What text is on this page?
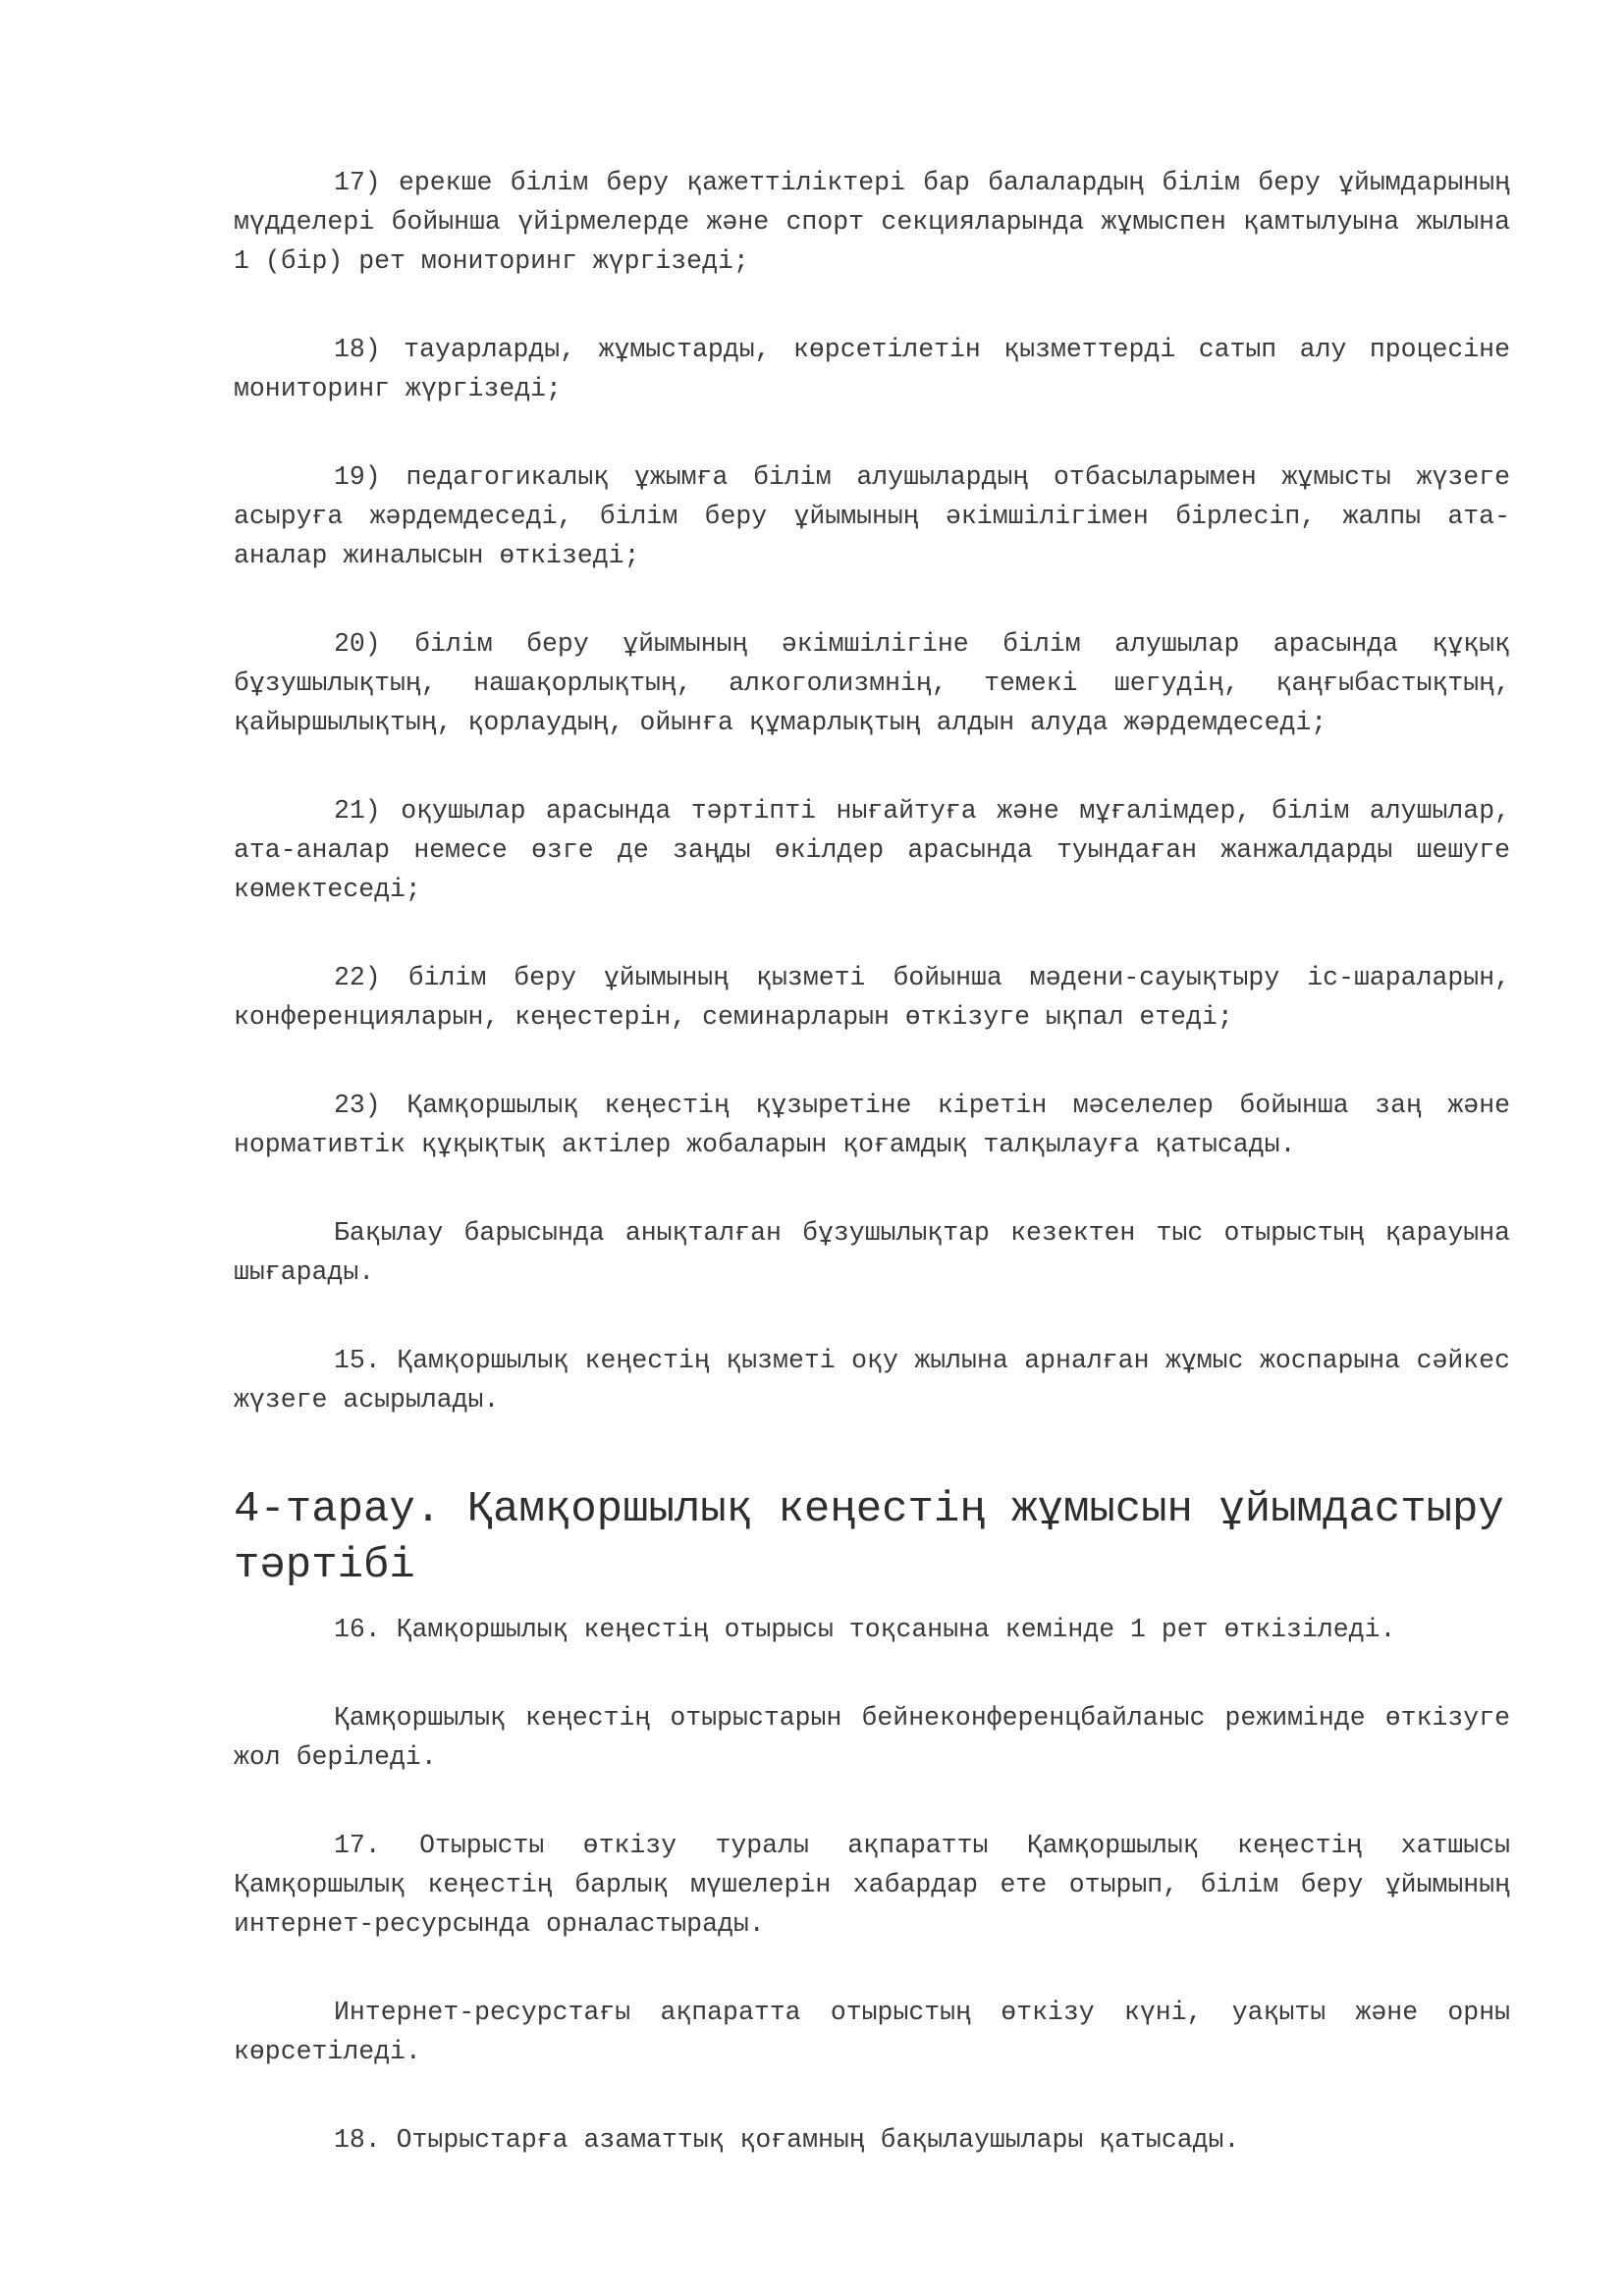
17) ерекше білім беру қажеттіліктері бар балалардың білім беру ұйымдарының мүдделері бойынша үйірмелерде және спорт секцияларында жұмыспен қамтылуына жылына 1 (бір) рет мониторинг жүргізеді;

18) тауарларды, жұмыстарды, көрсетілетін қызметтерді сатып алу процесіне мониторинг жүргізеді;

19) педагогикалық ұжымға білім алушылардың отбасыларымен жұмысты жүзеге асыруға жәрдемдеседі, білім беру ұйымының әкімшілігімен бірлесіп, жалпы ата-аналар жиналысын өткізеді;

20) білім беру ұйымының әкімшілігіне білім алушылар арасында құқық бұзушылықтың, нашақорлықтың, алкоголизмнің, темекі шегудің, қаңғыбастықтың, қайыршылықтың, қорлаудың, ойынға құмарлықтың алдын алуда жәрдемдеседі;

21) оқушылар арасында тәртіпті нығайтуға және мұғалімдер, білім алушылар, ата-аналар немесе өзге де заңды өкілдер арасында туындаған жанжалдарды шешуге көмектеседі;

22) білім беру ұйымының қызметі бойынша мәдени-сауықтыру іс-шараларын, конференцияларын, кеңестерін, семинарларын өткізуге ықпал етеді;

23) Қамқоршылық кеңестің құзыретіне кіретін мәселелер бойынша заң және нормативтік құқықтық актілер жобаларын қоғамдық талқылауға қатысады.

Бақылау барысында анықталған бұзушылықтар кезектен тыс отырыстың қарауына шығарады.

15. Қамқоршылық кеңестің қызметі оқу жылына арналған жұмыс жоспарына сәйкес жүзеге асырылады.

4-тарау. Қамқоршылық кеңестің жұмысын ұйымдастыру тәртібі

16. Қамқоршылық кеңестің отырысы тоқсанына кемінде 1 рет өткізіледі.

Қамқоршылық кеңестің отырыстарын бейнеконференцбайланыс режимінде өткізуге жол беріледі.

17. Отырысты өткізу туралы ақпаратты Қамқоршылық кеңестің хатшысы Қамқоршылық кеңестің барлық мүшелерін хабардар ете отырып, білім беру ұйымының интернет-ресурсында орналастырады.

Интернет-ресурстағы ақпаратта отырыстың өткізу күні, уақыты және орны көрсетіледі.

18. Отырыстарға азаматтық қоғамның бақылаушылары қатысады.
